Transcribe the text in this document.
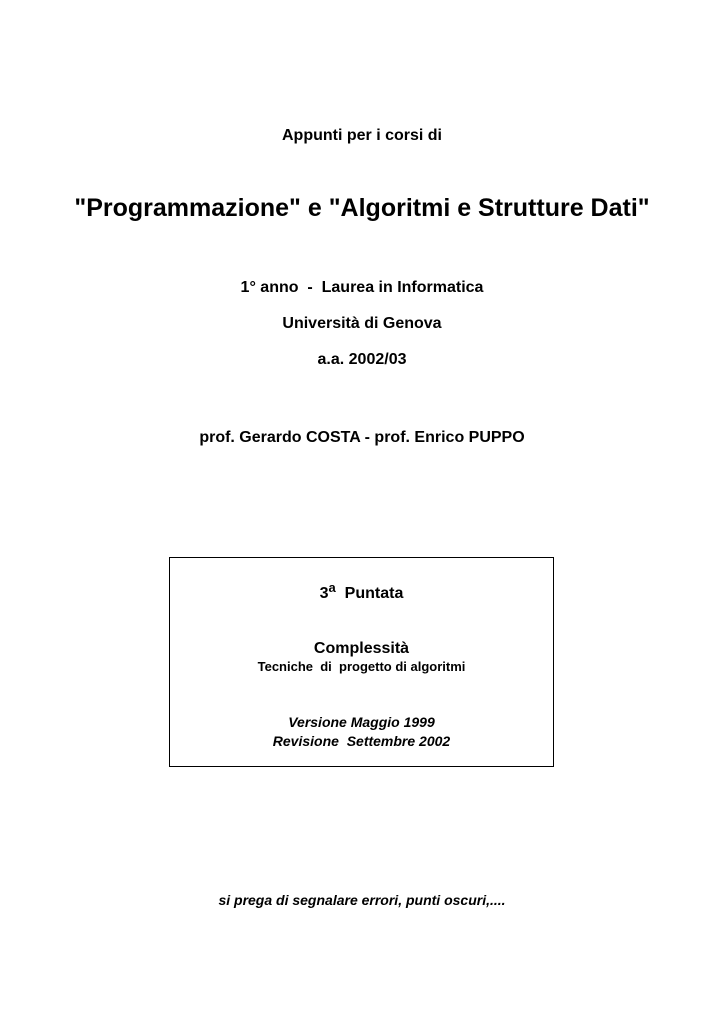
Appunti per i corsi di
"Programmazione" e "Algoritmi e Strutture Dati"
1° anno  -  Laurea in Informatica
Università di Genova
a.a. 2002/03
prof. Gerardo COSTA - prof. Enrico PUPPO
3$^a$ Puntata
Complessità
Tecniche  di  progetto di algoritmi
Versione Maggio 1999
Revisione  Settembre 2002
si prega di segnalare errori, punti oscuri,....
